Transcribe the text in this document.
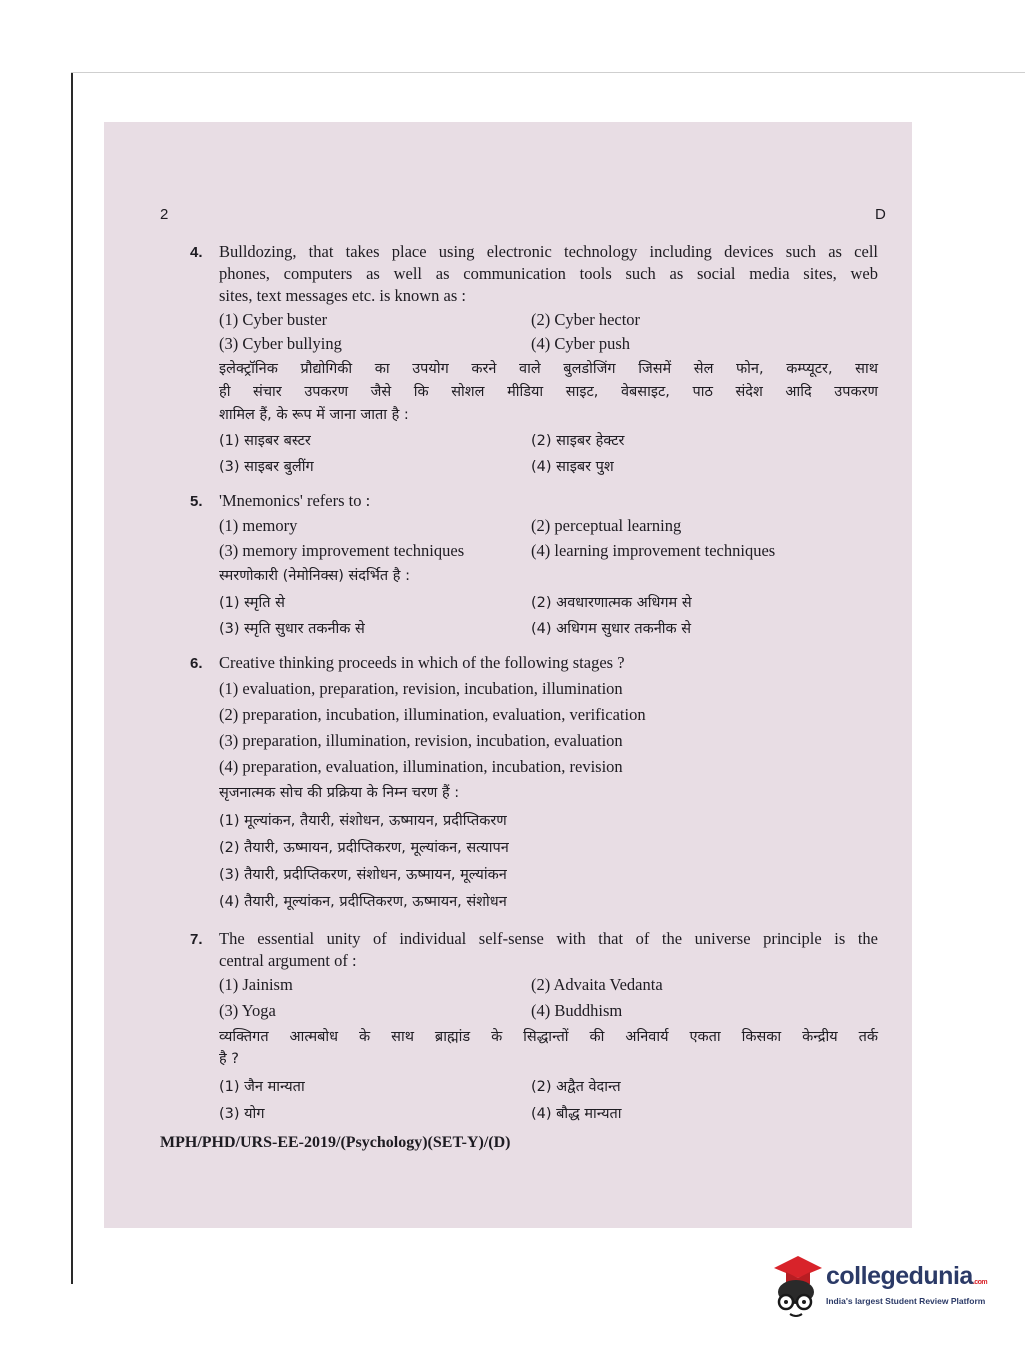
2	D
4. Bulldozing, that takes place using electronic technology including devices such as cell
phones, computers as well as communication tools such as social media sites, web
sites, text messages etc. is known as :
(1) Cyber buster	(2) Cyber hector
(3) Cyber bullying	(4) Cyber push
इलेक्ट्रॉनिक प्रौद्योगिकी का उपयोग करने वाले बुलडोजिंग जिसमें सेल फोन, कम्प्यूटर, साथ
ही संचार उपकरण जैसे कि सोशल मीडिया साइट, वेबसाइट, पाठ संदेश आदि उपकरण
शामिल हैं, के रूप में जाना जाता है :
(1) साइबर बस्टर	(2) साइबर हेक्टर
(3) साइबर बुलींग	(4) साइबर पुश
5. 'Mnemonics' refers to :
(1) memory	(2) perceptual learning
(3) memory improvement techniques	(4) learning improvement techniques
स्मरणोकारी (नेमोनिक्स) संदर्भित है :
(1) स्मृति से	(2) अवधारणात्मक अधिगम से
(3) स्मृति सुधार तकनीक से	(4) अधिगम सुधार तकनीक से
6. Creative thinking proceeds in which of the following stages ?
(1) evaluation, preparation, revision, incubation, illumination
(2) preparation, incubation, illumination, evaluation, verification
(3) preparation, illumination, revision, incubation, evaluation
(4) preparation, evaluation, illumination, incubation, revision
सृजनात्मक सोच की प्रक्रिया के निम्न चरण हैं :
(1) मूल्यांकन, तैयारी, संशोधन, ऊष्मायन, प्रदीप्तिकरण
(2) तैयारी, ऊष्मायन, प्रदीप्तिकरण, मूल्यांकन, सत्यापन
(3) तैयारी, प्रदीप्तिकरण, संशोधन, ऊष्मायन, मूल्यांकन
(4) तैयारी, मूल्यांकन, प्रदीप्तिकरण, ऊष्मायन, संशोधन
7. The essential unity of individual self-sense with that of the universe principle is the
central argument of :
(1) Jainism	(2) Advaita Vedanta
(3) Yoga	(4) Buddhism
व्यक्तिगत आत्मबोध के साथ ब्राह्मांड के सिद्धान्तों की अनिवार्य एकता किसका केन्द्रीय तर्क
है ?
(1) जैन मान्यता	(2) अद्वैत वेदान्त
(3) योग	(4) बौद्ध मान्यता
MPH/PHD/URS-EE-2019/(Psychology)(SET-Y)/(D)
collegedunia.com
India's largest Student Review Platform
